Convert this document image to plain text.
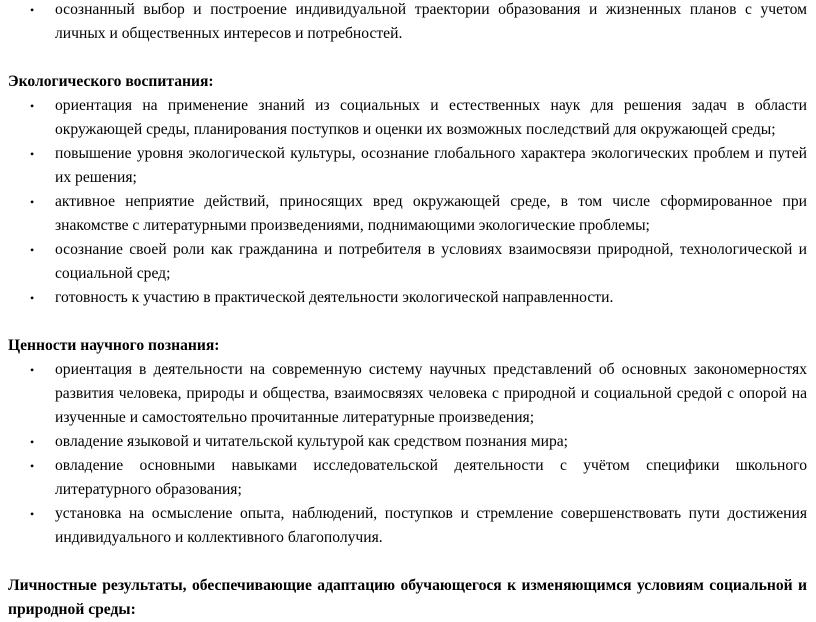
• осознанный выбор и построение индивидуальной траектории образования и жизненных планов с учетом личных и общественных интересов и потребностей.

Экологического воспитания:

• ориентация на применение знаний из социальных и естественных наук для решения задач в области окружающей среды, планирования поступков и оценки их возможных последствий для окружающей среды;
• повышение уровня экологической культуры, осознание глобального характера экологических проблем и путей их решения;
• активное неприятие действий, приносящих вред окружающей среде, в том числе сформированное при знакомстве с литературными произведениями, поднимающими экологические проблемы;
• осознание своей роли как гражданина и потребителя в условиях взаимосвязи природной, технологической и социальной сред;
• готовность к участию в практической деятельности экологической направленности.

Ценности научного познания:

• ориентация в деятельности на современную систему научных представлений об основных закономерностях развития человека, природы и общества, взаимосвязях человека с природной и социальной средой с опорой на изученные и самостоятельно прочитанные литературные произведения;
• овладение языковой и читательской культурой как средством познания мира;
• овладение основными навыками исследовательской деятельности с учётом специфики школьного литературного образования;
• установка на осмысление опыта, наблюдений, поступков и стремление совершенствовать пути достижения индивидуального и коллективного благополучия.

Личностные результаты, обеспечивающие адаптацию обучающегося к изменяющимся условиям социальной и природной среды:
